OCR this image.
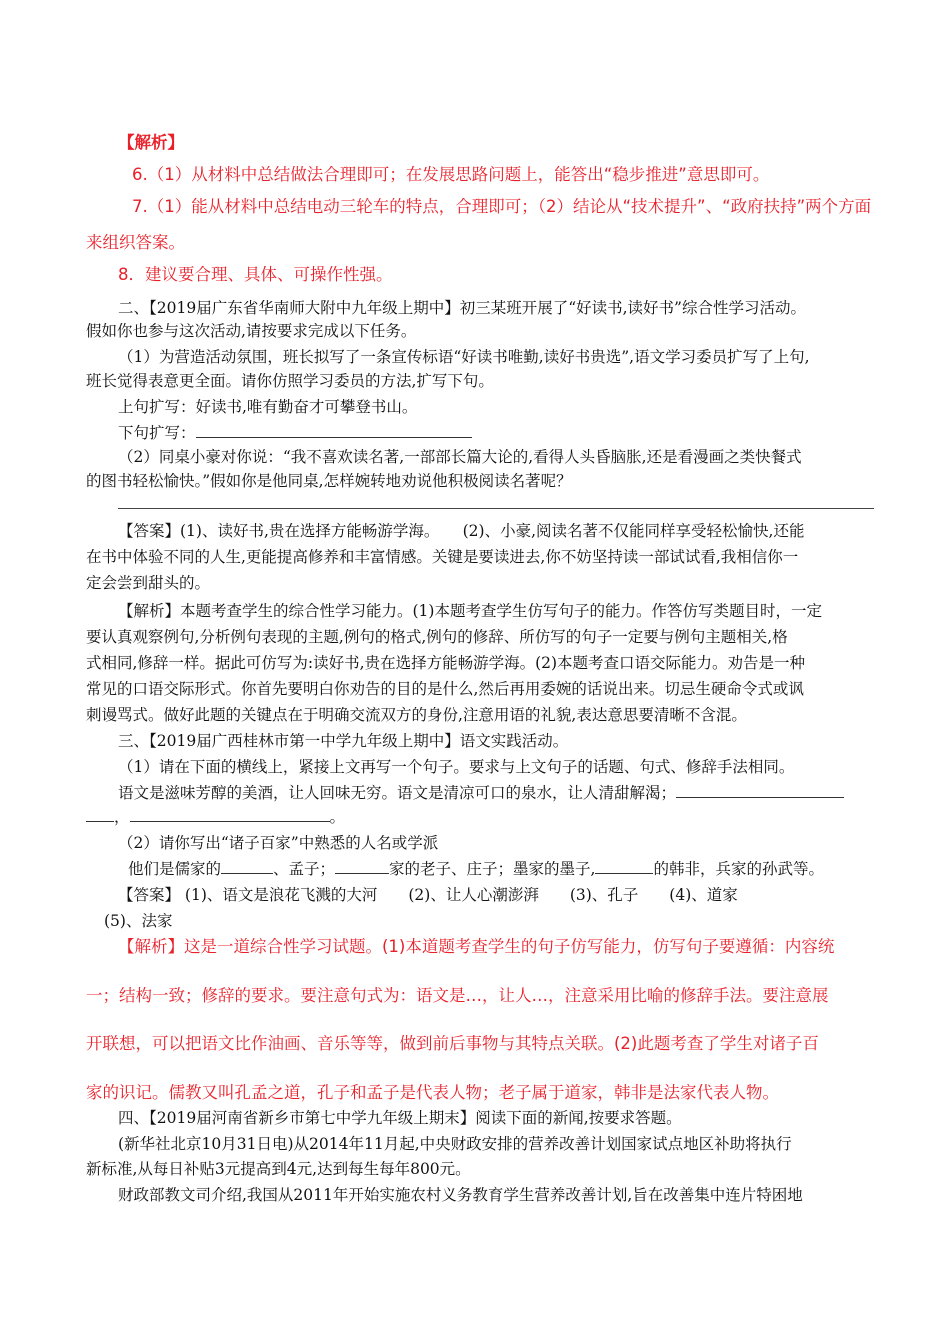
【解析】
6.（1）从材料中总结做法合理即可；在发展思路问题上，能答出“稳步推进”意思即可。
7.（1）能从材料中总结电动三轮车的特点，合理即可；（2）结论从“技术提升”、“政府扶持”两个方面
来组织答案。
8．建议要合理、具体、可操作性强。
二、【2019届广东省华南师大附中九年级上期中】初三某班开展了“好读书,读好书”综合性学习活动。
假如你也参与这次活动,请按要求完成以下任务。
（1）为营造活动氛围，班长拟写了一条宣传标语“好读书唯勤,读好书贵选”,语文学习委员扩写了上句,
班长觉得表意更全面。请你仿照学习委员的方法,扩写下句。
上句扩写：好读书,唯有勤奋才可攀登书山。
下句扩写：
（2）同桌小豪对你说：“我不喜欢读名著,一部部长篇大论的,看得人头昏脑胀,还是看漫画之类快餐式
的图书轻松愉快。”假如你是他同桌,怎样婉转地劝说他积极阅读名著呢？
【答案】(1)、读好书,贵在选择方能畅游学海。　　(2)、小豪,阅读名著不仅能同样享受轻松愉快,还能
在书中体验不同的人生,更能提高修养和丰富情感。关键是要读进去,你不妨坚持读一部试试看,我相信你一
定会尝到甜头的。
【解析】本题考查学生的综合性学习能力。(1)本题考查学生仿写句子的能力。作答仿写类题目时，一定
要认真观察例句,分析例句表现的主题,例句的格式,例句的修辞、所仿写的句子一定要与例句主题相关,格
式相同,修辞一样。据此可仿写为:读好书,贵在选择方能畅游学海。(2)本题考查口语交际能力。劝告是一种
常见的口语交际形式。你首先要明白你劝告的目的是什么,然后再用委婉的话说出来。切忌生硬命令式或讽
刺谩骂式。做好此题的关键点在于明确交流双方的身份,注意用语的礼貌,表达意思要清晰不含混。
三、【2019届广西桂林市第一中学九年级上期中】语文实践活动。
（1）请在下面的横线上，紧接上文再写一个句子。要求与上文句子的话题、句式、修辞手法相同。
语文是滋味芳醇的美酒，让人回味无穷。语文是清凉可口的泉水，让人清甜解渴；
，	。
（2）请你写出“诸子百家”中熟悉的人名或学派
他们是儒家的	、孟子；	家的老子、庄子；墨家的墨子,	的韩非，兵家的孙武等。
【答案】 (1)、语文是浪花飞溅的大河　　(2)、让人心潮澎湃　　(3)、孔子　　(4)、道家
(5)、法家
【解析】这是一道综合性学习试题。(1)本道题考查学生的句子仿写能力，仿写句子要遵循：内容统
一；结构一致；修辞的要求。要注意句式为：语文是…，让人…，注意采用比喻的修辞手法。要注意展
开联想，可以把语文比作油画、音乐等等，做到前后事物与其特点关联。(2)此题考查了学生对诸子百
家的识记。儒教又叫孔孟之道，孔子和孟子是代表人物；老子属于道家，韩非是法家代表人物。
四、【2019届河南省新乡市第七中学九年级上期末】阅读下面的新闻,按要求答题。
(新华社北京10月31日电)从2014年11月起,中央财政安排的营养改善计划国家试点地区补助将执行
新标准,从每日补贴3元提高到4元,达到每生每年800元。
财政部教文司介绍,我国从2011年开始实施农村义务教育学生营养改善计划,旨在改善集中连片特困地
